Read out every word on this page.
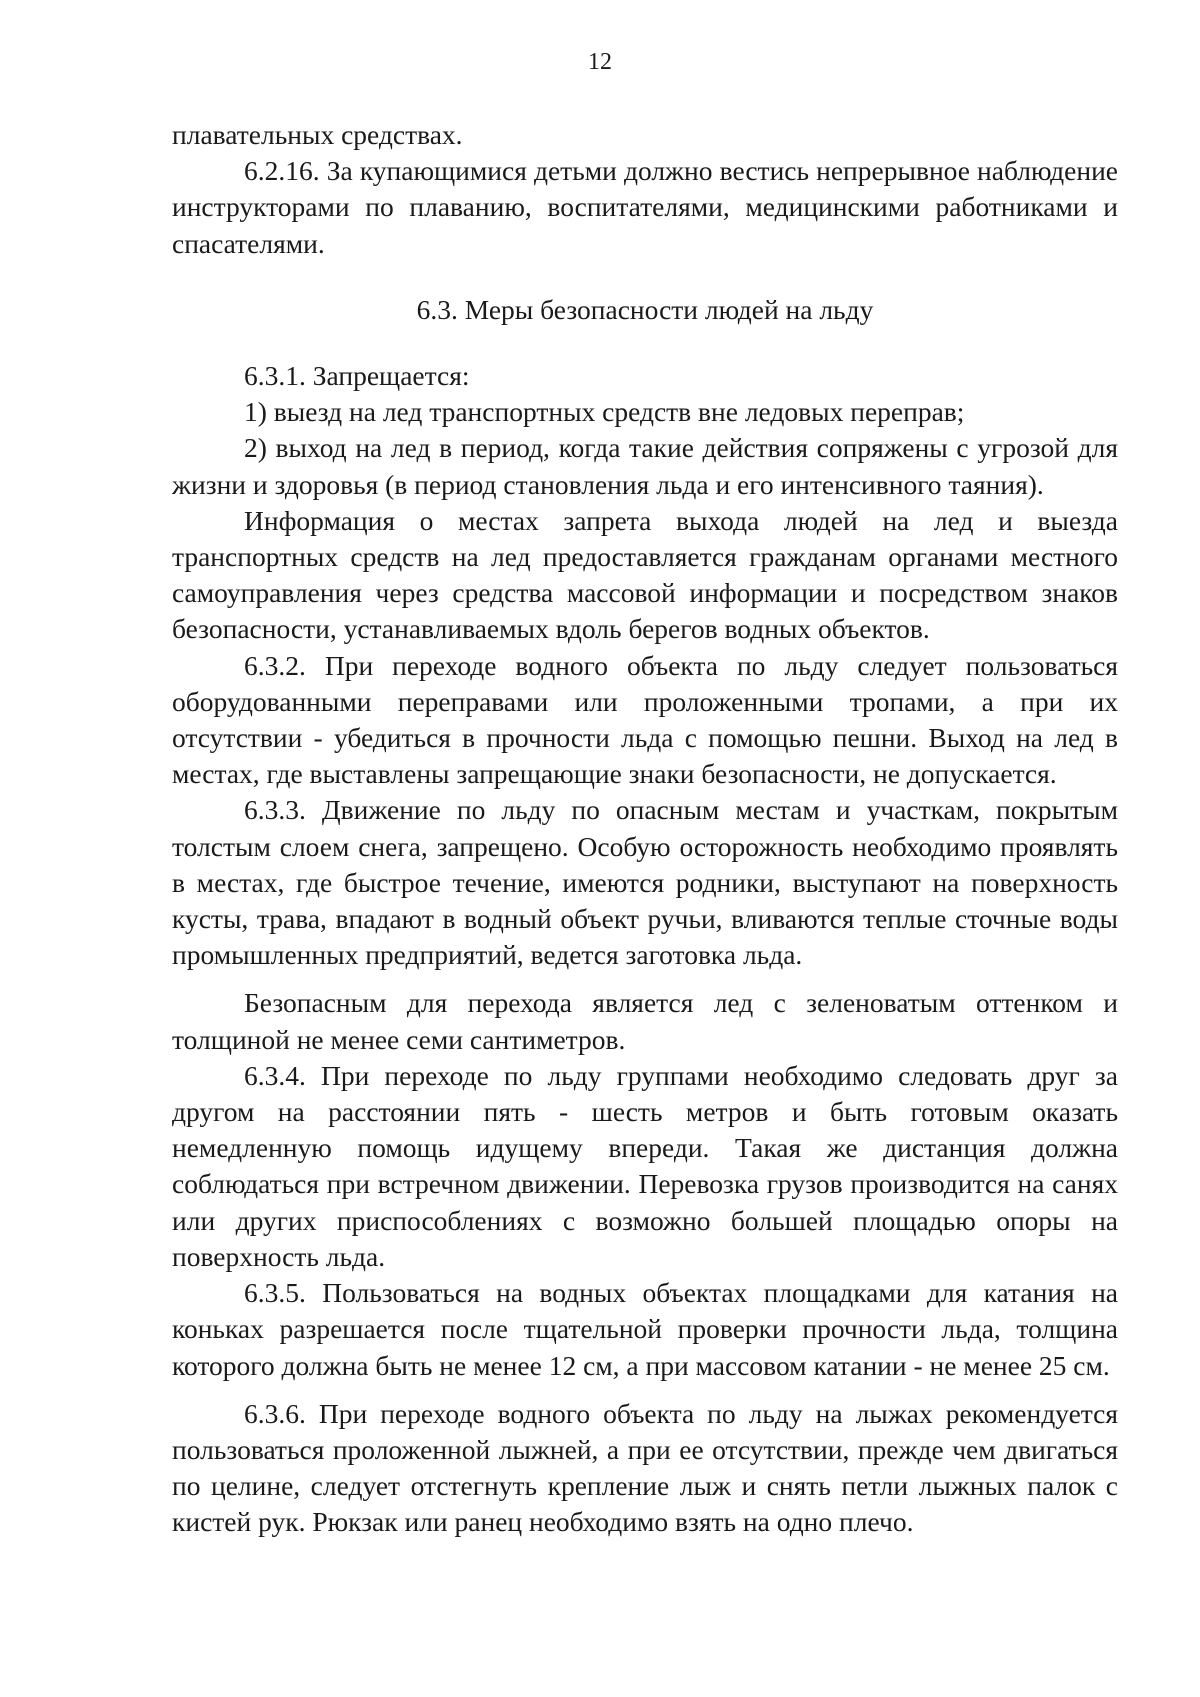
12

плавательных средствах.

6.2.16. За купающимися детьми должно вестись непрерывное наблюдение инструкторами по плаванию, воспитателями, медицинскими работниками и спасателями.

6.3. Меры безопасности людей на льду

6.3.1. Запрещается:

1) выезд на лед транспортных средств вне ледовых переправ;

2) выход на лед в период, когда такие действия сопряжены с угрозой для жизни и здоровья (в период становления льда и его интенсивного таяния).

Информация о местах запрета выхода людей на лед и выезда транспортных средств на лед предоставляется гражданам органами местного самоуправления через средства массовой информации и посредством знаков безопасности, устанавливаемых вдоль берегов водных объектов.

6.3.2. При переходе водного объекта по льду следует пользоваться оборудованными переправами или проложенными тропами, а при их отсутствии - убедиться в прочности льда с помощью пешни. Выход на лед в местах, где выставлены запрещающие знаки безопасности, не допускается.

6.3.3. Движение по льду по опасным местам и участкам, покрытым толстым слоем снега, запрещено. Особую осторожность необходимо проявлять в местах, где быстрое течение, имеются родники, выступают на поверхность кусты, трава, впадают в водный объект ручьи, вливаются теплые сточные воды промышленных предприятий, ведется заготовка льда.

Безопасным для перехода является лед с зеленоватым оттенком и толщиной не менее семи сантиметров.

6.3.4. При переходе по льду группами необходимо следовать друг за другом на расстоянии пять - шесть метров и быть готовым оказать немедленную помощь идущему впереди. Такая же дистанция должна соблюдаться при встречном движении. Перевозка грузов производится на санях или других приспособлениях с возможно большей площадью опоры на поверхность льда.

6.3.5. Пользоваться на водных объектах площадками для катания на коньках разрешается после тщательной проверки прочности льда, толщина которого должна быть не менее 12 см, а при массовом катании - не менее 25 см.

6.3.6. При переходе водного объекта по льду на лыжах рекомендуется пользоваться проложенной лыжней, а при ее отсутствии, прежде чем двигаться по целине, следует отстегнуть крепление лыж и снять петли лыжных палок с кистей рук. Рюкзак или ранец необходимо взять на одно плечо.
